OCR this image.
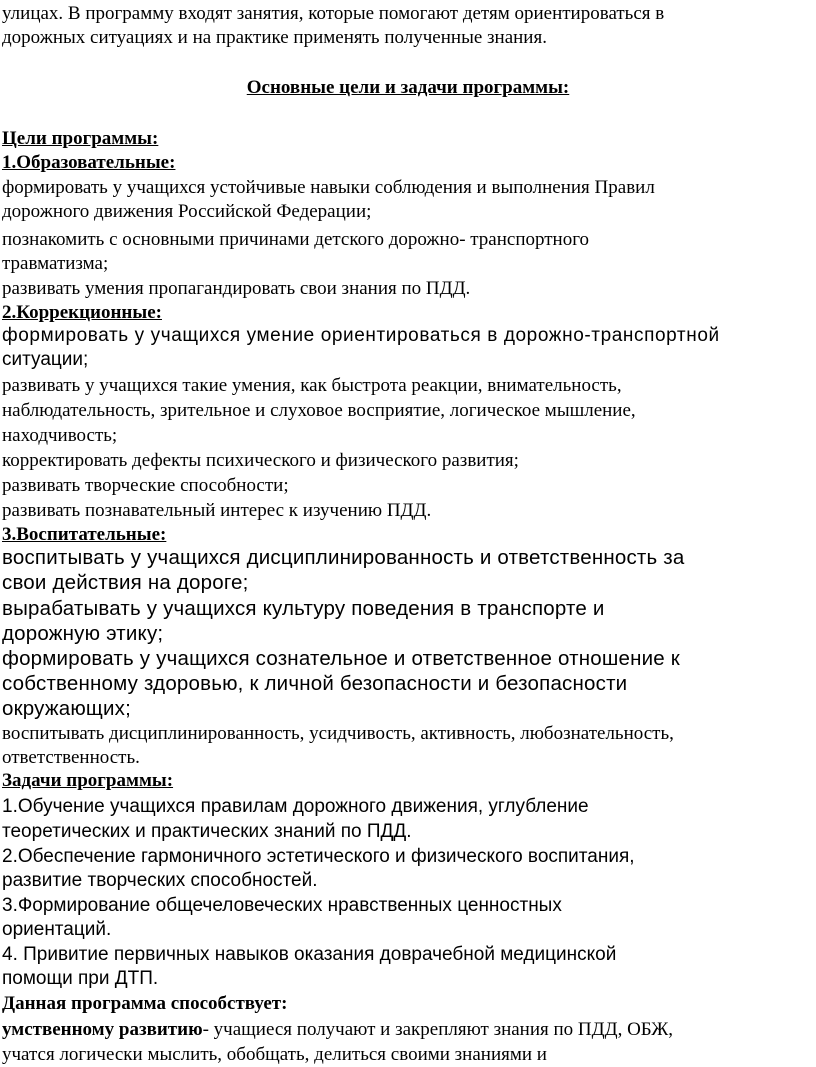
улицах. В программу входят занятия, которые помогают детям ориентироваться в
дорожных ситуациях и на практике применять полученные знания.
Основные цели и задачи программы:
Цели программы:
1.Образовательные:
формировать у учащихся устойчивые навыки соблюдения и выполнения Правил
дорожного движения Российской Федерации;
познакомить с основными причинами детского дорожно- транспортного
травматизма;
развивать умения пропагандировать свои знания по ПДД.
2.Коррекционные:
формировать у учащихся умение ориентироваться в дорожно-транспортной
ситуации;
развивать у учащихся такие умения, как быстрота реакции, внимательность,
наблюдательность, зрительное и слуховое восприятие, логическое мышление,
находчивость;
корректировать дефекты психического и физического развития;
развивать творческие способности;
развивать познавательный интерес к изучению ПДД.
3.Воспитательные:
воспитывать у учащихся дисциплинированность и ответственность за
свои действия на дороге;
вырабатывать у учащихся культуру поведения в транспорте и
дорожную этику;
формировать у учащихся сознательное и ответственное отношение к
собственному здоровью, к личной безопасности и безопасности
окружающих;
воспитывать дисциплинированность, усидчивость, активность, любознательность,
ответственность.
Задачи программы:
1.Обучение учащихся правилам дорожного движения, углубление
теоретических и практических знаний по ПДД.
2.Обеспечение гармоничного эстетического и физического воспитания,
развитие творческих способностей.
3.Формирование общечеловеческих нравственных ценностных
ориентаций.
4. Привитие первичных навыков оказания доврачебной медицинской
помощи при ДТП.
Данная программа способствует:
умственному развитию- учащиеся получают и закрепляют знания по ПДД, ОБЖ,
учатся логически мыслить, обобщать, делиться своими знаниями и
